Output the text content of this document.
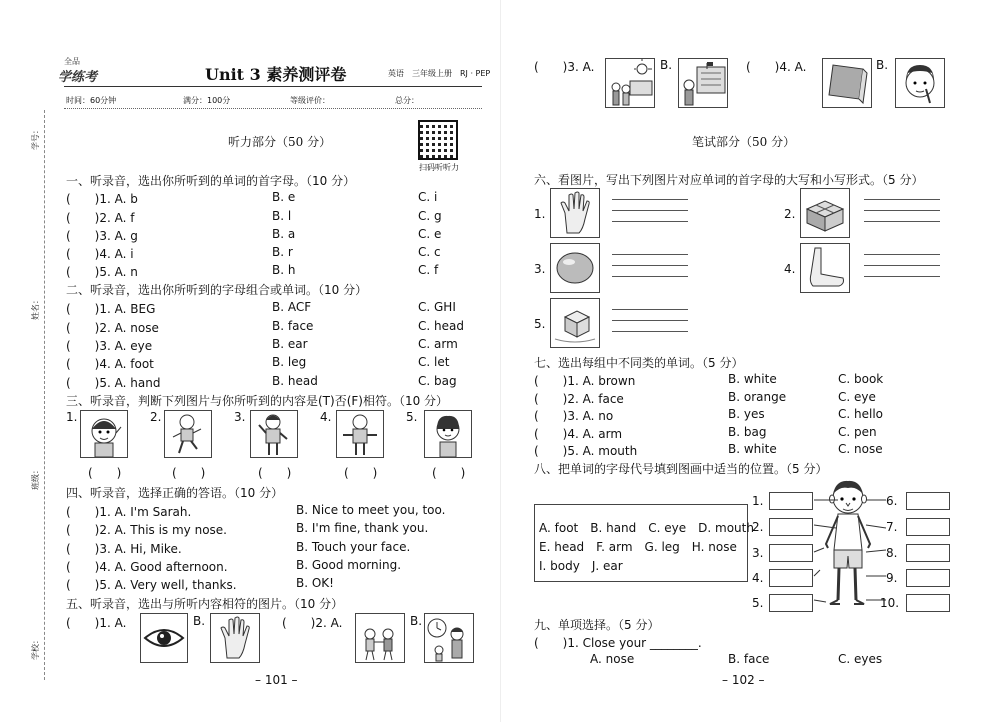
学号：
姓名：
班级：
学校：
全品
学练考	Unit 3 素养测评卷	英语　三年级上册　RJ · PEP
时间：60分钟	满分：100分	等级评价：	总分：
听力部分（50 分）
扫码听听力
一、听录音，选出你所听到的单词的首字母。（10 分）
(　　)1. A. b	B. e	C. i
(　　)2. A. f	B. l	C. g
(　　)3. A. g	B. a	C. e
(　　)4. A. i	B. r	C. c
(　　)5. A. n	B. h	C. f
二、听录音，选出你所听到的字母组合或单词。（10 分）
(　　)1. A. BEG	B. ACF	C. GHI
(　　)2. A. nose	B. face	C. head
(　　)3. A. eye	B. ear	C. arm
(　　)4. A. foot	B. leg	C. let
(　　)5. A. hand	B. head	C. bag
三、听录音，判断下列图片与你所听到的内容是(T)否(F)相符。（10 分）
1.	2.	3.	4.	5.
(　　)	(　　)	(　　)	(　　)	(　　)
四、听录音，选择正确的答语。（10 分）
(　　)1. A. I'm Sarah.	B. Nice to meet you, too.
(　　)2. A. This is my nose.	B. I'm fine, thank you.
(　　)3. A. Hi, Mike.	B. Touch your face.
(　　)4. A. Good afternoon.	B. Good morning.
(　　)5. A. Very well, thanks.	B. OK!
五、听录音，选出与所听内容相符的图片。（10 分）
(　　)1. A.	B.	(　　)2. A.	B.
– 101 –
(　　)3. A.	B.	(　　)4. A.	B.
笔试部分（50 分）
六、看图片，写出下列图片对应单词的首字母的大写和小写形式。（5 分）
1.	2.
3.	4.
5.
七、选出每组中不同类的单词。（5 分）
(　　)1. A. brown	B. white	C. book
(　　)2. A. face	B. orange	C. eye
(　　)3. A. no	B. yes	C. hello
(　　)4. A. arm	B. bag	C. pen
(　　)5. A. mouth	B. white	C. nose
八、把单词的字母代号填到图画中适当的位置。（5 分）
A. foot　B. hand　C. eye　D. mouth
E. head　F. arm　G. leg　H. nose
I. body　J. ear
1.
2.
3.
4.
5.
6.
7.
8.
9.
10.
九、单项选择。（5 分）
(　　)1. Close your ________.
A. nose	B. face	C. eyes
– 102 –
